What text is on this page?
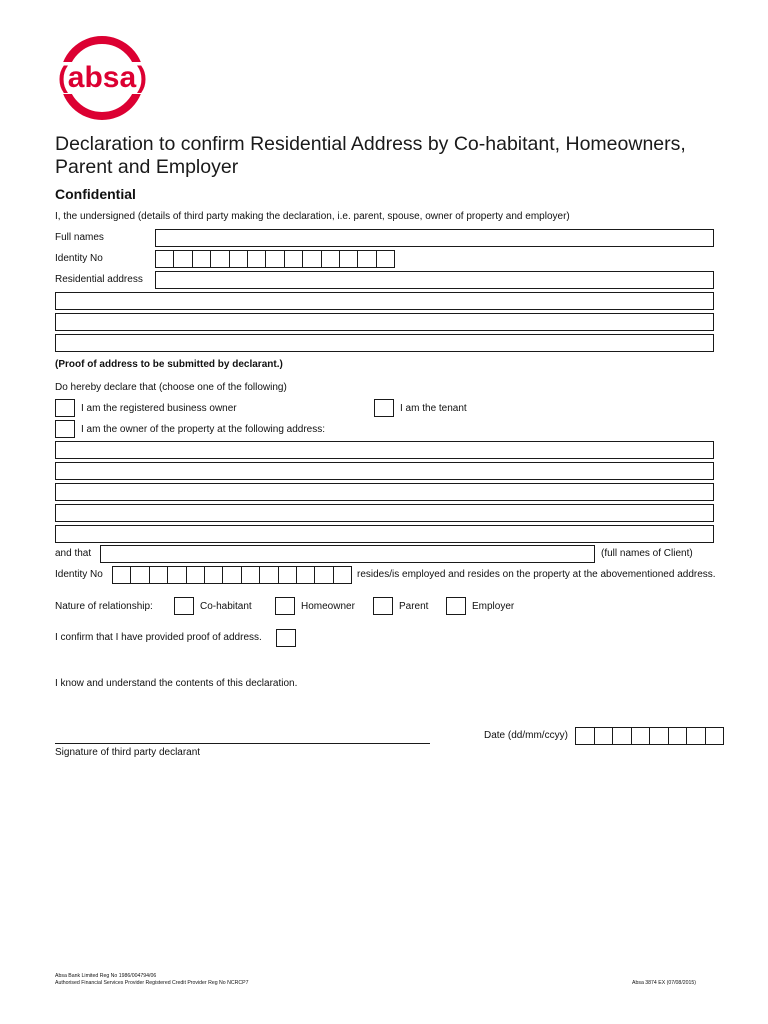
absa
( )
Declaration to confirm Residential Address by Co-habitant, Homeowners, Parent and Employer
Confidential
I, the undersigned (details of third party making the declaration, i.e. parent, spouse, owner of property and employer)
Full names
Identity No
Residential address
(Proof of address to be submitted by declarant.)
Do hereby declare that (choose one of the following)
I am the registered business owner	I am the tenant
I am the owner of the property at the following address:
and that	(full names of Client)
Identity No	resides/is employed and resides on the property at the abovementioned address.
Nature of relationship:	Co-habitant	Homeowner	Parent	Employer
I confirm that I have provided proof of address.
I know and understand the contents of this declaration.
Date (dd/mm/ccyy)
Signature of third party declarant
Absa Bank Limited Reg No 1986/004794/06
Authorised Financial Services Provider Registered Credit Provider Reg No NCRCP7	Absa 3874 EX (07/08/2015)
